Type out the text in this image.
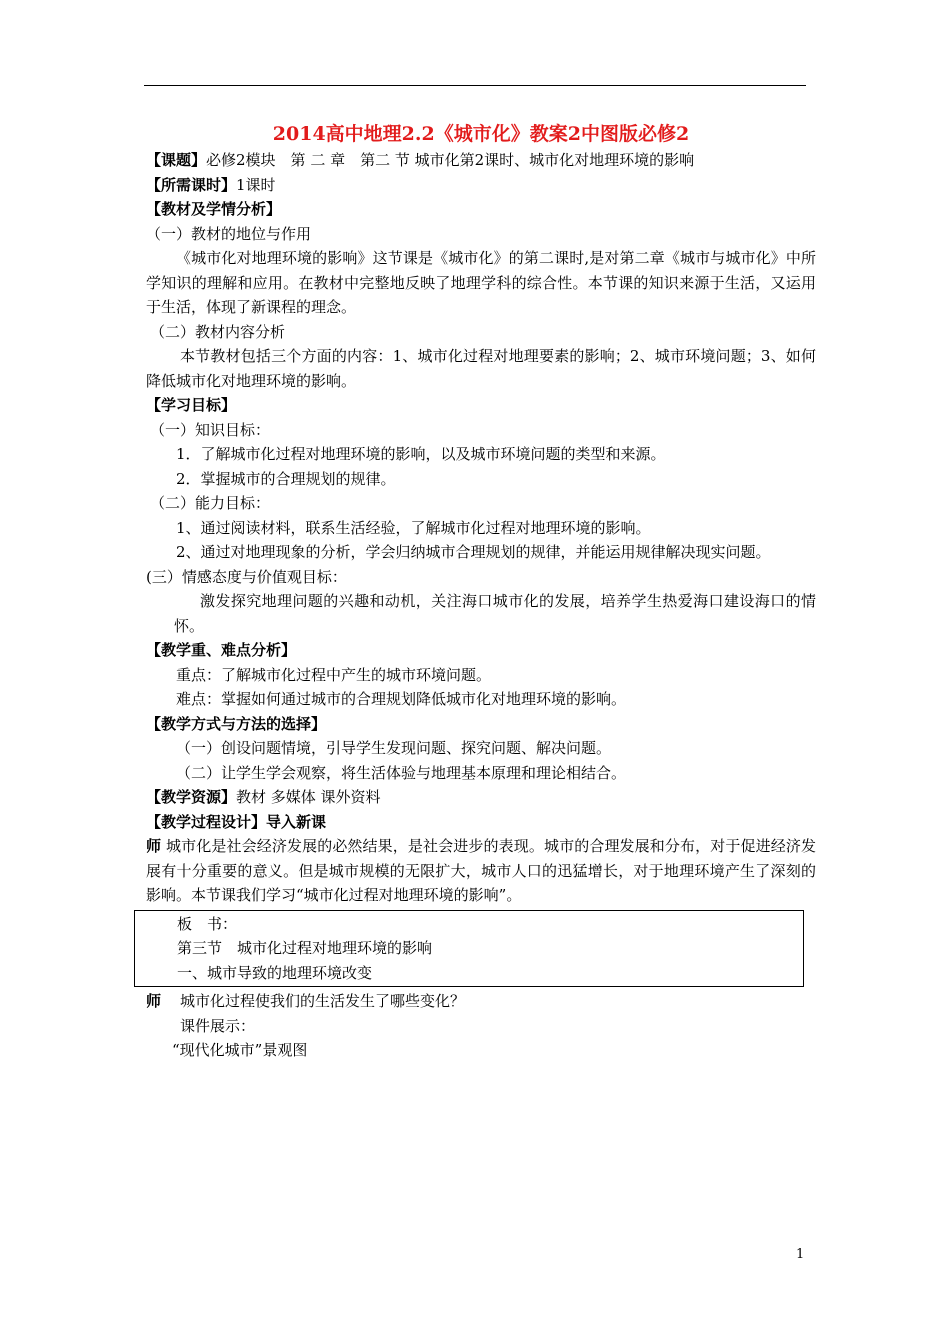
2014高中地理2.2《城市化》教案2中图版必修2
【课题】必修2模块　第 二 章　第二 节 城市化第2课时、城市化对地理环境的影响
【所需课时】1课时
【教材及学情分析】
（一）教材的地位与作用
《城市化对地理环境的影响》这节课是《城市化》的第二课时,是对第二章《城市与城市化》中所学知识的理解和应用。在教材中完整地反映了地理学科的综合性。本节课的知识来源于生活，又运用于生活，体现了新课程的理念。
（二）教材内容分析
本节教材包括三个方面的内容：1、城市化过程对地理要素的影响；2、城市环境问题；3、如何降低城市化对地理环境的影响。
【学习目标】
（一）知识目标：
1．了解城市化过程对地理环境的影响，以及城市环境问题的类型和来源。
2．掌握城市的合理规划的规律。
（二）能力目标：
1、通过阅读材料，联系生活经验，了解城市化过程对地理环境的影响。
2、通过对地理现象的分析，学会归纳城市合理规划的规律，并能运用规律解决现实问题。
(三）情感态度与价值观目标：
激发探究地理问题的兴趣和动机，关注海口城市化的发展，培养学生热爱海口建设海口的情怀。
【教学重、难点分析】
重点：了解城市化过程中产生的城市环境问题。
难点：掌握如何通过城市的合理规划降低城市化对地理环境的影响。
【教学方式与方法的选择】
（一）创设问题情境，引导学生发现问题、探究问题、解决问题。
（二）让学生学会观察，将生活体验与地理基本原理和理论相结合。
【教学资源】教材 多媒体 课外资料
【教学过程设计】导入新课
师 城市化是社会经济发展的必然结果，是社会进步的表现。城市的合理发展和分布，对于促进经济发展有十分重要的意义。但是城市规模的无限扩大，城市人口的迅猛增长，对于地理环境产生了深刻的影响。本节课我们学习“城市化过程对地理环境的影响”。
板　书：
第三节　城市化过程对地理环境的影响
一、城市导致的地理环境改变
师 城市化过程使我们的生活发生了哪些变化？
课件展示：
“现代化城市”景观图
1
